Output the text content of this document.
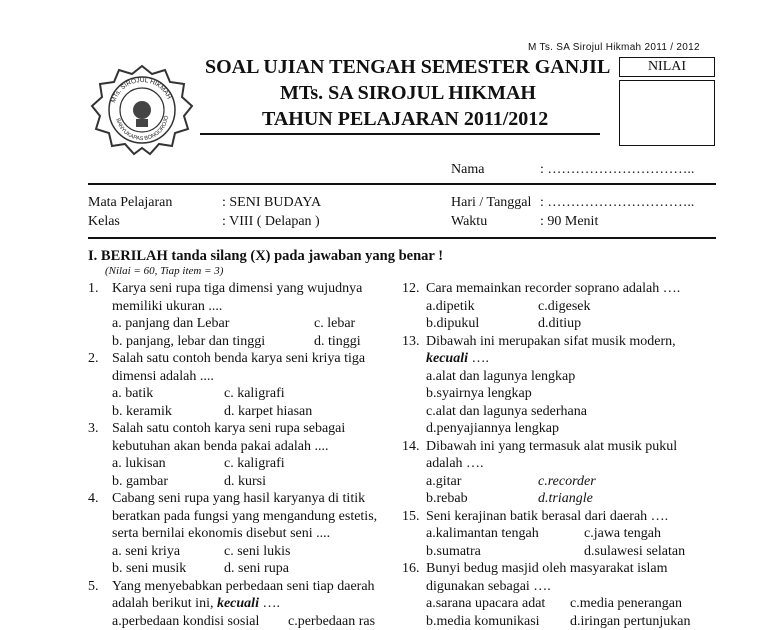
M Ts. SA Sirojul Hikmah 2011 / 2012
MTs. SIROJUL HIKMAH
BANYUKAPAS BONGOROJO
SOAL UJIAN TENGAH SEMESTER GANJIL
MTs. SA SIROJUL HIKMAH
TAHUN PELAJARAN 2011/2012
NILAI
Nama	: …………………………..
Mata Pelajaran	: SENI BUDAYA	Hari / Tanggal : …………………………..
Kelas	: VIII ( Delapan )	Waktu	: 90 Menit
I. BERILAH tanda silang (X) pada jawaban yang benar !
(Nilai = 60, Tiap item = 3)
1. Karya seni rupa tiga dimensi yang wujudnya
memiliki ukuran ....
a. panjang dan Lebar	c. lebar
b. panjang, lebar dan tinggi	d. tinggi
2. Salah satu contoh benda karya seni kriya tiga
dimensi adalah ....
a. batik	c. kaligrafi
b. keramik	d. karpet hiasan
3. Salah satu contoh karya seni rupa sebagai
kebutuhan akan benda pakai adalah ....
a. lukisan	c. kaligrafi
b. gambar	d. kursi
4. Cabang seni rupa yang hasil karyanya di titik
beratkan pada fungsi yang mengandung estetis,
serta bernilai ekonomis disebut seni ....
a. seni kriya	c. seni lukis
b. seni musik	d. seni rupa
5. Yang menyebabkan perbedaan seni tiap daerah
adalah berikut ini, kecuali ….
a.perbedaan kondisi sosial c.perbedaan ras
12. Cara memainkan recorder soprano adalah ….
a.dipetik	c.digesek
b.dipukul	d.ditiup
13. Dibawah ini merupakan sifat musik modern,
kecuali ….
a.alat dan lagunya lengkap
b.syairnya lengkap
c.alat dan lagunya sederhana
d.penyajiannya lengkap
14. Dibawah ini yang termasuk alat musik pukul
adalah ….
a.gitar	c.recorder
b.rebab	d.triangle
15. Seni kerajinan batik berasal dari daerah ….
a.kalimantan tengah	c.jawa tengah
b.sumatra	d.sulawesi selatan
16. Bunyi bedug masjid oleh masyarakat islam
digunakan sebagai ….
a.sarana upacara adat c.media penerangan
b.media komunikasi d.iringan pertunjukan
